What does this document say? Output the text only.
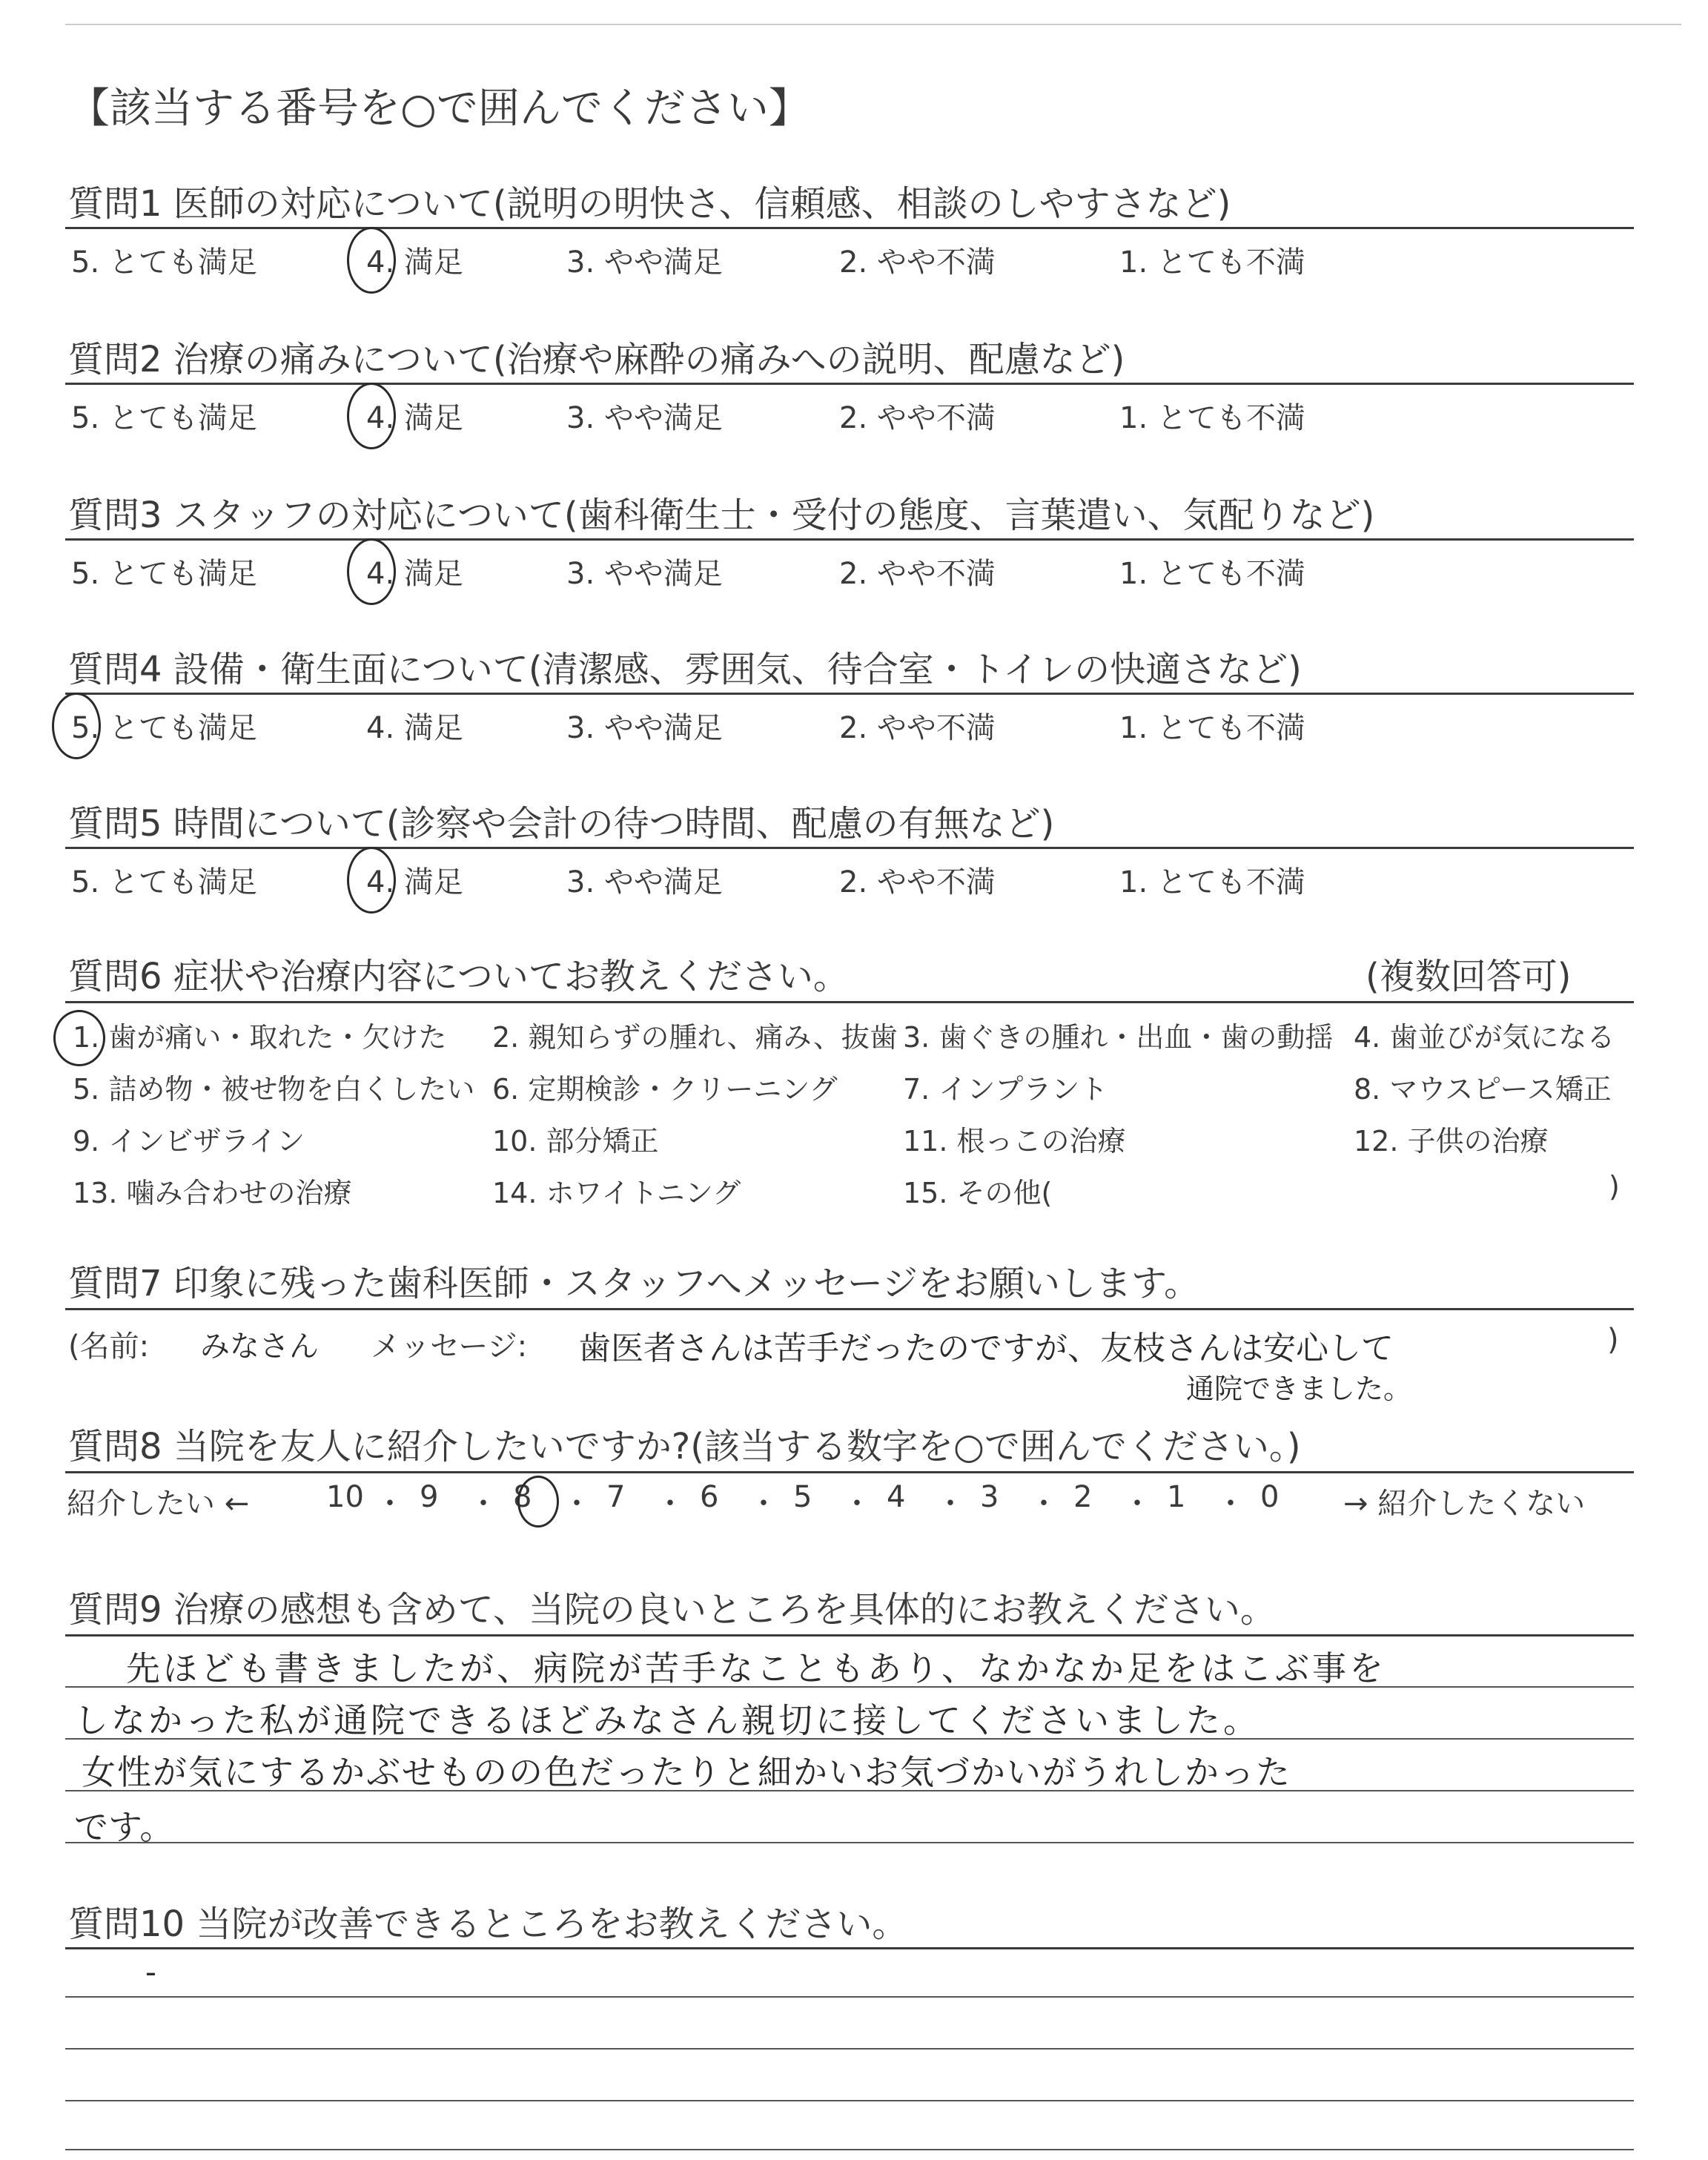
【該当する番号を○で囲んでください】
質問1 医師の対応について(説明の明快さ、信頼感、相談のしやすさなど)
5. とても満足	4. 満足	3. やや満足	2. やや不満	1. とても不満
質問2 治療の痛みについて(治療や麻酔の痛みへの説明、配慮など)
5. とても満足	4. 満足	3. やや満足	2. やや不満	1. とても不満
質問3 スタッフの対応について(歯科衛生士・受付の態度、言葉遣い、気配りなど)
5. とても満足	4. 満足	3. やや満足	2. やや不満	1. とても不満
質問4 設備・衛生面について(清潔感、雰囲気、待合室・トイレの快適さなど)
5. とても満足	4. 満足	3. やや満足	2. やや不満	1. とても不満
質問5 時間について(診察や会計の待つ時間、配慮の有無など)
5. とても満足	4. 満足	3. やや満足	2. やや不満	1. とても不満
質問6 症状や治療内容についてお教えください。	(複数回答可)
1. 歯が痛い・取れた・欠けた 2. 親知らずの腫れ、痛み、抜歯 3. 歯ぐきの腫れ・出血・歯の動揺 4. 歯並びが気になる
5. 詰め物・被せ物を白くしたい 6. 定期検診・クリーニング 7. インプラント	8. マウスピース矯正
9. インビザライン	10. 部分矯正	11. 根っこの治療	12. 子供の治療
13. 噛み合わせの治療	14. ホワイトニング	15. その他(	)
質問7 印象に残った歯科医師・スタッフへメッセージをお願いします。
(名前: みなさん メッセージ: 歯医者さんは苦手だったのですが、友枝さんは安心して
通院できました。
)
質問8 当院を友人に紹介したいですか?(該当する数字を○で囲んでください。)
紹介したい ←	→ 紹介したくない
10 ・ 9 ・ 8 ・ 7 ・ 6 ・ 5 ・ 4 ・ 3 ・ 2 ・ 1 ・ 0
質問9 治療の感想も含めて、当院の良いところを具体的にお教えください。
先ほども書きましたが、病院が苦手なこともあり、なかなか足をはこぶ事を
しなかった私が通院できるほどみなさん親切に接してくださいました。
女性が気にするかぶせものの色だったりと細かいお気づかいがうれしかった
です。
質問10 当院が改善できるところをお教えください。
-
